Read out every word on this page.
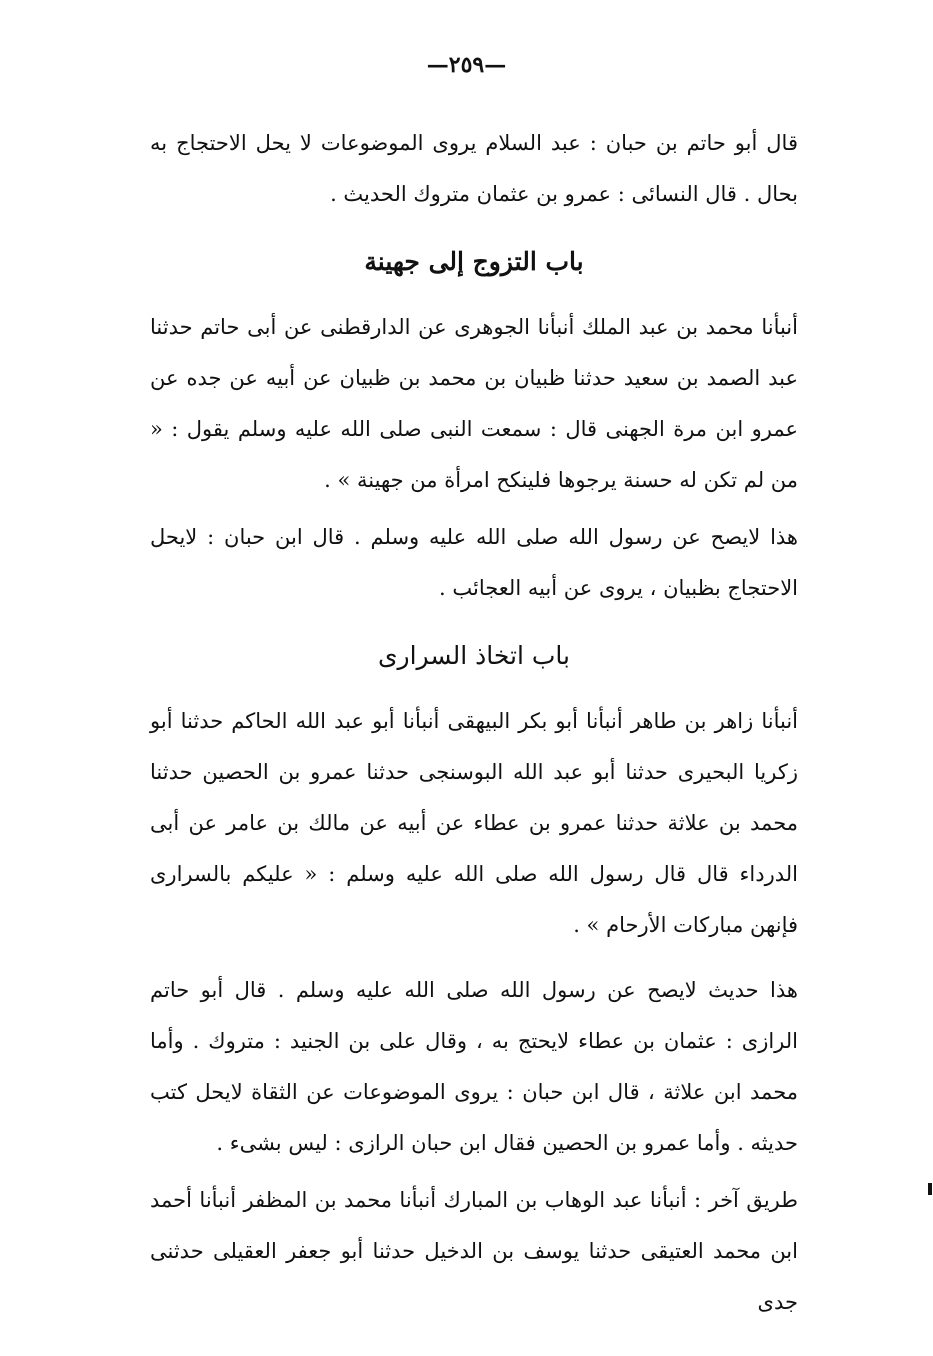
—٢٥٩—

قال أبو حاتم بن حبان : عبد السلام يروى الموضوعات لا يحل الاحتجاج به بحال . قال النسائى : عمرو بن عثمان متروك الحديث .

باب التزوج إلى جهينة

أنبأنا محمد بن عبد الملك أنبأنا الجوهرى عن الدارقطنى عن أبى حاتم حدثنا عبد الصمد بن سعيد حدثنا ظبيان بن محمد بن ظبيان عن أبيه عن جده عن عمرو ابن مرة الجهنى قال : سمعت النبى صلى الله عليه وسلم يقول : « من لم تكن له حسنة يرجوها فلينكح امرأة من جهينة » .

هذا لايصح عن رسول الله صلى الله عليه وسلم . قال ابن حبان : لايحل الاحتجاج بظبيان ، يروى عن أبيه العجائب .

باب اتخاذ السرارى

أنبأنا زاهر بن طاهر أنبأنا أبو بكر البيهقى أنبأنا أبو عبد الله الحاكم حدثنا أبو زكريا البحيرى حدثنا أبو عبد الله البوسنجى حدثنا عمرو بن الحصين حدثنا محمد بن علاثة حدثنا عمرو بن عطاء عن أبيه عن مالك بن عامر عن أبى الدرداء قال قال رسول الله صلى الله عليه وسلم : « عليكم بالسرارى فإنهن مباركات الأرحام » .

هذا حديث لايصح عن رسول الله صلى الله عليه وسلم . قال أبو حاتم الرازى : عثمان بن عطاء لايحتج به ، وقال على بن الجنيد : متروك . وأما محمد ابن علاثة ، قال ابن حبان : يروى الموضوعات عن الثقاة لايحل كتب حديثه . وأما عمرو بن الحصين فقال ابن حبان الرازى : ليس بشىء .

طريق آخر : أنبأنا عبد الوهاب بن المبارك أنبأنا محمد بن المظفر أنبأنا أحمد ابن محمد العتيقى حدثنا يوسف بن الدخيل حدثنا أبو جعفر العقيلى حدثنى جدى
